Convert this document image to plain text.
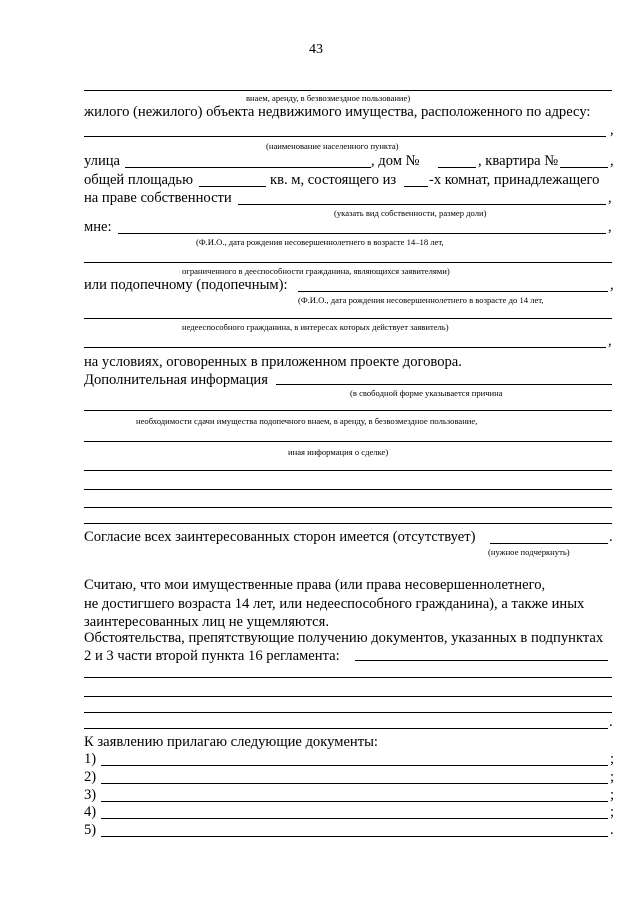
43
внаем, аренду, в безвозмездное пользование)
жилого (нежилого) объекта недвижимого имущества, расположенного по адресу:
,
(наименование населенного пункта)
улица	, дом №	, квартира №	,
общей площадью	кв. м, состоящего из -х комнат, принадлежащего
на праве собственности	,
(указать вид собственности, размер доли)
мне:	,
(Ф.И.О., дата рождения несовершеннолетнего в возрасте 14–18 лет,
ограниченного в дееспособности гражданина, являющихся заявителями)
или подопечному (подопечным):	,
(Ф.И.О., дата рождения несовершеннолетнего в возрасте до 14 лет,
недееспособного гражданина, в интересах которых действует заявитель)
,
на условиях, оговоренных в приложенном проекте договора.
Дополнительная информация
(в свободной форме указывается причина
необходимости сдачи имущества подопечного внаем, в аренду, в безвозмездное пользование,
иная информация о сделке)
Согласие всех заинтересованных сторон имеется (отсутствует)	.
(нужное подчеркнуть)
Считаю, что мои имущественные права (или права несовершеннолетнего,
не достигшего возраста 14 лет, или недееспособного гражданина), а также иных
заинтересованных лиц не ущемляются.
Обстоятельства, препятствующие получению документов, указанных в подпунктах
2 и 3 части второй пункта 16 регламента:
.
К заявлению прилагаю следующие документы:
1)	;
2)	;
3)	;
4)	;
5)	.
